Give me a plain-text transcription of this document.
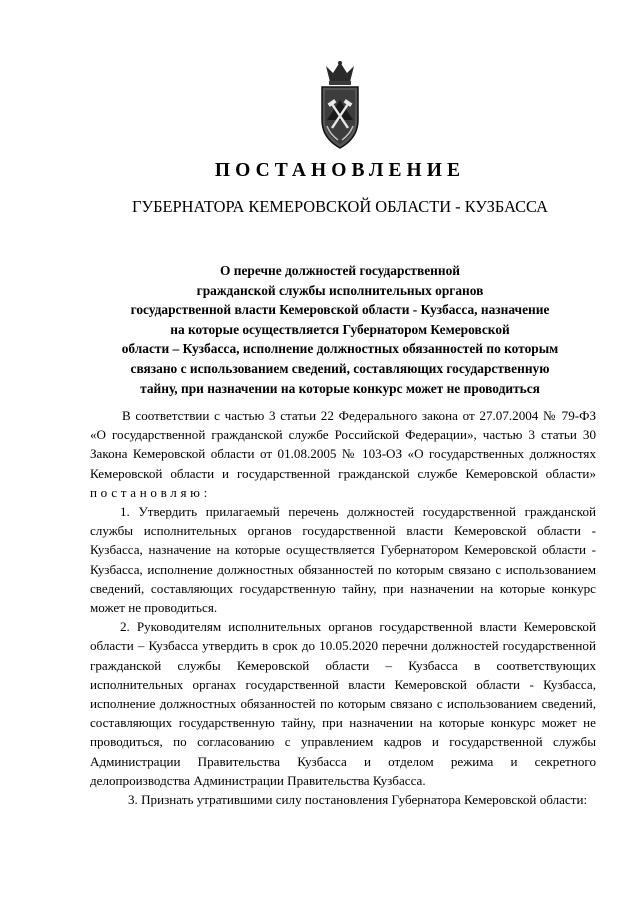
ПОСТАНОВЛЕНИЕ
ГУБЕРНАТОРА КЕМЕРОВСКОЙ ОБЛАСТИ - КУЗБАССА
О перечне должностей государственной
гражданской службы исполнительных органов
государственной власти Кемеровской области - Кузбасса, назначение
на которые осуществляется Губернатором Кемеровской
области – Кузбасса, исполнение должностных обязанностей по которым
связано с использованием сведений, составляющих государственную
тайну, при назначении на которые конкурс может не проводиться

В соответствии с частью 3 статьи 22 Федерального закона от 27.07.2004 № 79-ФЗ «О государственной гражданской службе Российской Федерации», частью 3 статьи 30 Закона Кемеровской области от 01.08.2005 № 103-ОЗ «О государственных должностях Кемеровской области и государственной гражданской службе Кемеровской области» постановляю:

1. Утвердить прилагаемый перечень должностей государственной гражданской службы исполнительных органов государственной власти Кемеровской области - Кузбасса, назначение на которые осуществляется Губернатором Кемеровской области - Кузбасса, исполнение должностных обязанностей по которым связано с использованием сведений, составляющих государственную тайну, при назначении на которые конкурс может не проводиться.

2. Руководителям исполнительных органов государственной власти Кемеровской области – Кузбасса утвердить в срок до 10.05.2020 перечни должностей государственной гражданской службы Кемеровской области – Кузбасса в соответствующих исполнительных органах государственной власти Кемеровской области - Кузбасса, исполнение должностных обязанностей по которым связано с использованием сведений, составляющих государственную тайну, при назначении на которые конкурс может не проводиться, по согласованию с управлением кадров и государственной службы Администрации Правительства Кузбасса и отделом режима и секретного делопроизводства Администрации Правительства Кузбасса.

3. Признать утратившими силу постановления Губернатора Кемеровской области:
